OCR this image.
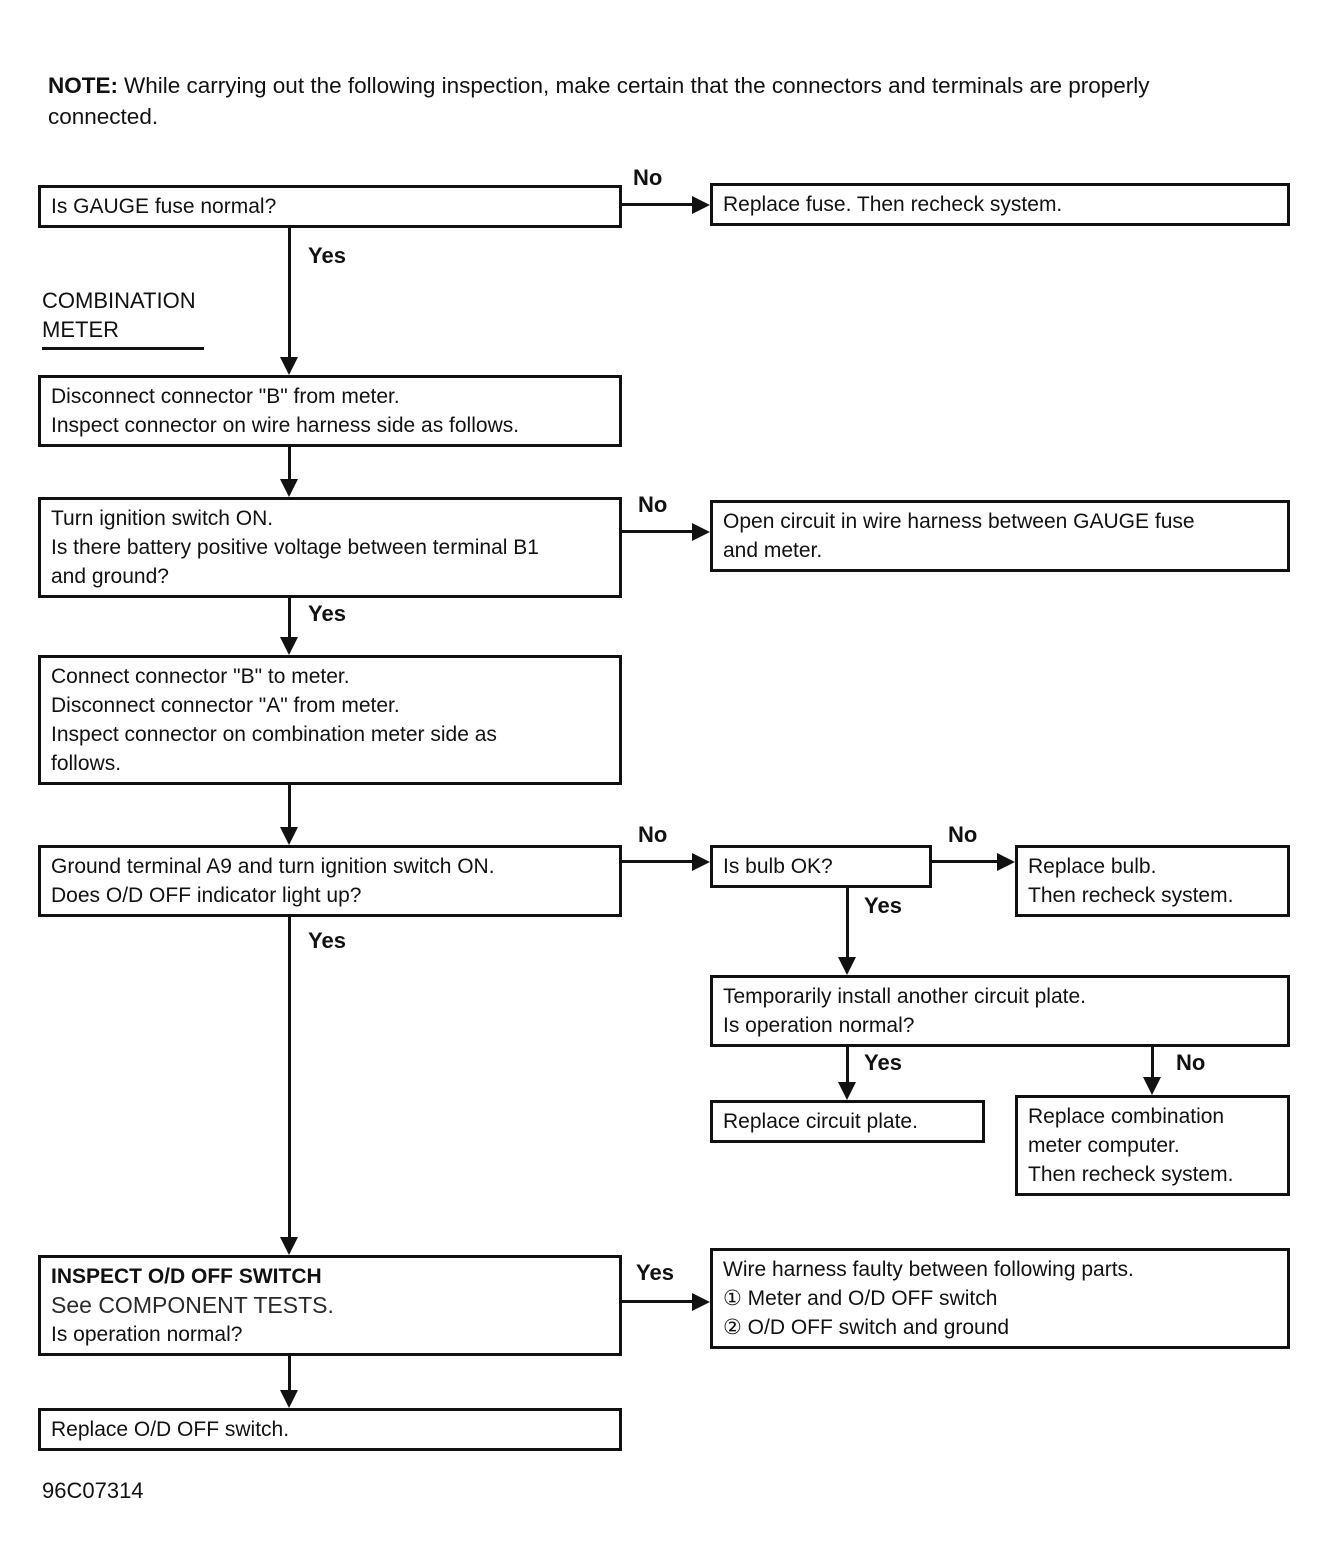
NOTE: While carrying out the following inspection, make certain that the connectors and terminals are properly connected.
COMBINATION
METER
Is GAUGE fuse normal?	Replace fuse. Then recheck system.
No
Yes
Disconnect connector "B" from meter.
Inspect connector on wire harness side as follows.
Turn ignition switch ON.
Is there battery positive voltage between terminal B1
and ground?
Open circuit in wire harness between GAUGE fuse
and meter.
No
Yes
Connect connector "B" to meter.
Disconnect connector "A" from meter.
Inspect connector on combination meter side as
follows.
Ground terminal A9 and turn ignition switch ON.
Does O/D OFF indicator light up?
No
Is bulb OK?
No
Replace bulb.
Then recheck system.
Yes
Temporarily install another circuit plate.
Is operation normal?
Yes	No
Replace circuit plate.	Replace combination
meter computer.
Then recheck system.
Yes
INSPECT O/D OFF SWITCH
See COMPONENT TESTS.
Is operation normal?
Yes Wire harness faulty between following parts.
① Meter and O/D OFF switch
② O/D OFF switch and ground
Replace O/D OFF switch.
96C07314
